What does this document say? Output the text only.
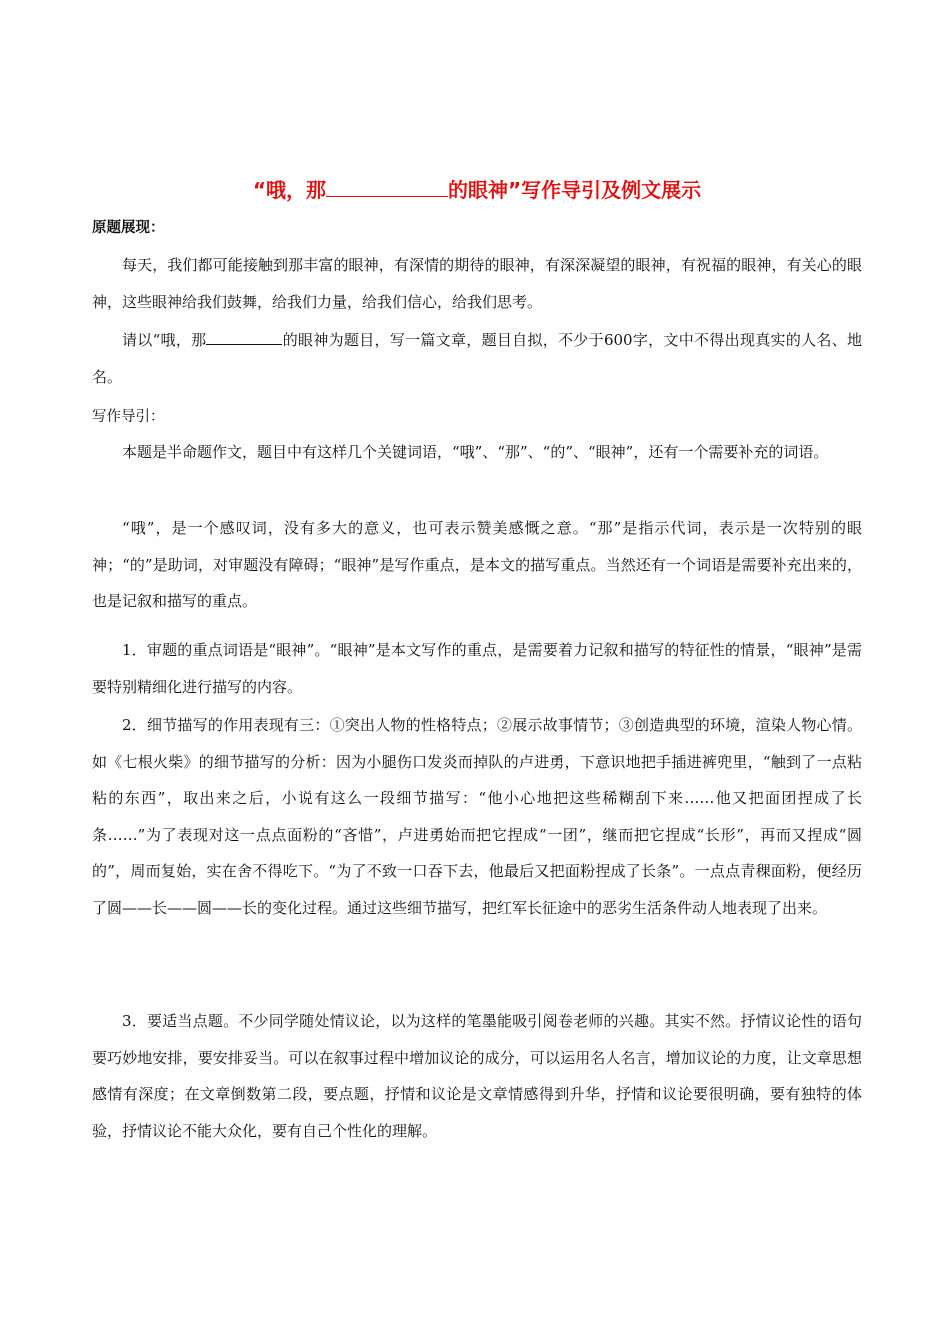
“哦，那	的眼神”写作导引及例文展示
原题展现：

每天，我们都可能接触到那丰富的眼神，有深情的期待的眼神，有深深凝望的眼神，有祝福的眼神，有关心的眼神，这些眼神给我们鼓舞，给我们力量，给我们信心，给我们思考。

请以“哦，那	的眼神为题目，写一篇文章，题目自拟，不少于600字，文中不得出现真实的人名、地名。

写作导引：

本题是半命题作文，题目中有这样几个关键词语，“哦”、“那”、“的”、“眼神”，还有一个需要补充的词语。

“哦”，是一个感叹词，没有多大的意义，也可表示赞美感慨之意。“那”是指示代词，表示是一次特别的眼神；“的”是助词，对审题没有障碍；“眼神”是写作重点，是本文的描写重点。当然还有一个词语是需要补充出来的，也是记叙和描写的重点。

1．审题的重点词语是“眼神”。“眼神”是本文写作的重点，是需要着力记叙和描写的特征性的情景，“眼神”是需要特别精细化进行描写的内容。

2．细节描写的作用表现有三：①突出人物的性格特点；②展示故事情节；③创造典型的环境，渲染人物心情。如《七根火柴》的细节描写的分析：因为小腿伤口发炎而掉队的卢进勇，下意识地把手插进裤兜里，“触到了一点粘粘的东西”，取出来之后，小说有这么一段细节描写：“他小心地把这些稀糊刮下来……他又把面团捏成了长条……”为了表现对这一点点面粉的“吝惜”，卢进勇始而把它捏成“一团”，继而把它捏成“长形”，再而又捏成“圆的”，周而复始，实在舍不得吃下。“为了不致一口吞下去，他最后又把面粉捏成了长条”。一点点青稞面粉，便经历了圆——长——圆——长的变化过程。通过这些细节描写，把红军长征途中的恶劣生活条件动人地表现了出来。

3．要适当点题。不少同学随处情议论，以为这样的笔墨能吸引阅卷老师的兴趣。其实不然。抒情议论性的语句要巧妙地安排，要安排妥当。可以在叙事过程中增加议论的成分，可以运用名人名言，增加议论的力度，让文章思想感情有深度；在文章倒数第二段，要点题，抒情和议论是文章情感得到升华，抒情和议论要很明确，要有独特的体验，抒情议论不能大众化，要有自己个性化的理解。
